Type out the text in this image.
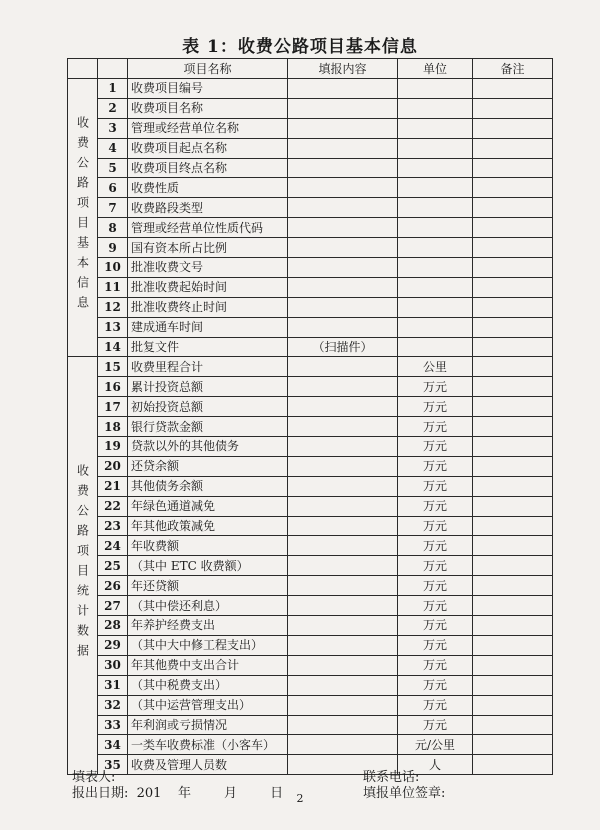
表 1：收费公路项目基本信息
		项目名称	填报内容	单位	备注
收费公路项目基本信息	1	收费项目编号			
	2	收费项目名称			
	3	管理或经营单位名称			
	4	收费项目起点名称			
	5	收费项目终点名称			
	6	收费性质			
	7	收费路段类型			
	8	管理或经营单位性质代码			
	9	国有资本所占比例			
	10	批准收费文号			
	11	批准收费起始时间			
	12	批准收费终止时间			
	13	建成通车时间			
	14	批复文件	（扫描件）		
收费公路项目统计数据	15	收费里程合计		公里	
	16	累计投资总额		万元	
	17	初始投资总额		万元	
	18	银行贷款金额		万元	
	19	贷款以外的其他债务		万元	
	20	还贷余额		万元	
	21	其他债务余额		万元	
	22	年绿色通道减免		万元	
	23	年其他政策减免		万元	
	24	年收费额		万元	
	25	（其中 ETC 收费额）		万元	
	26	年还贷额		万元	
	27	（其中偿还利息）		万元	
	28	年养护经费支出		万元	
	29	（其中大中修工程支出）		万元	
	30	年其他费中支出合计		万元	
	31	（其中税费支出）		万元	
	32	（其中运营管理支出）		万元	
	33	年利润或亏损情况		万元	
	34	一类车收费标准（小客车）		元/公里	
	35	收费及管理人员数		人	
填表人:
报出日期:  201    年        月        日
联系电话:
填报单位签章:
2
